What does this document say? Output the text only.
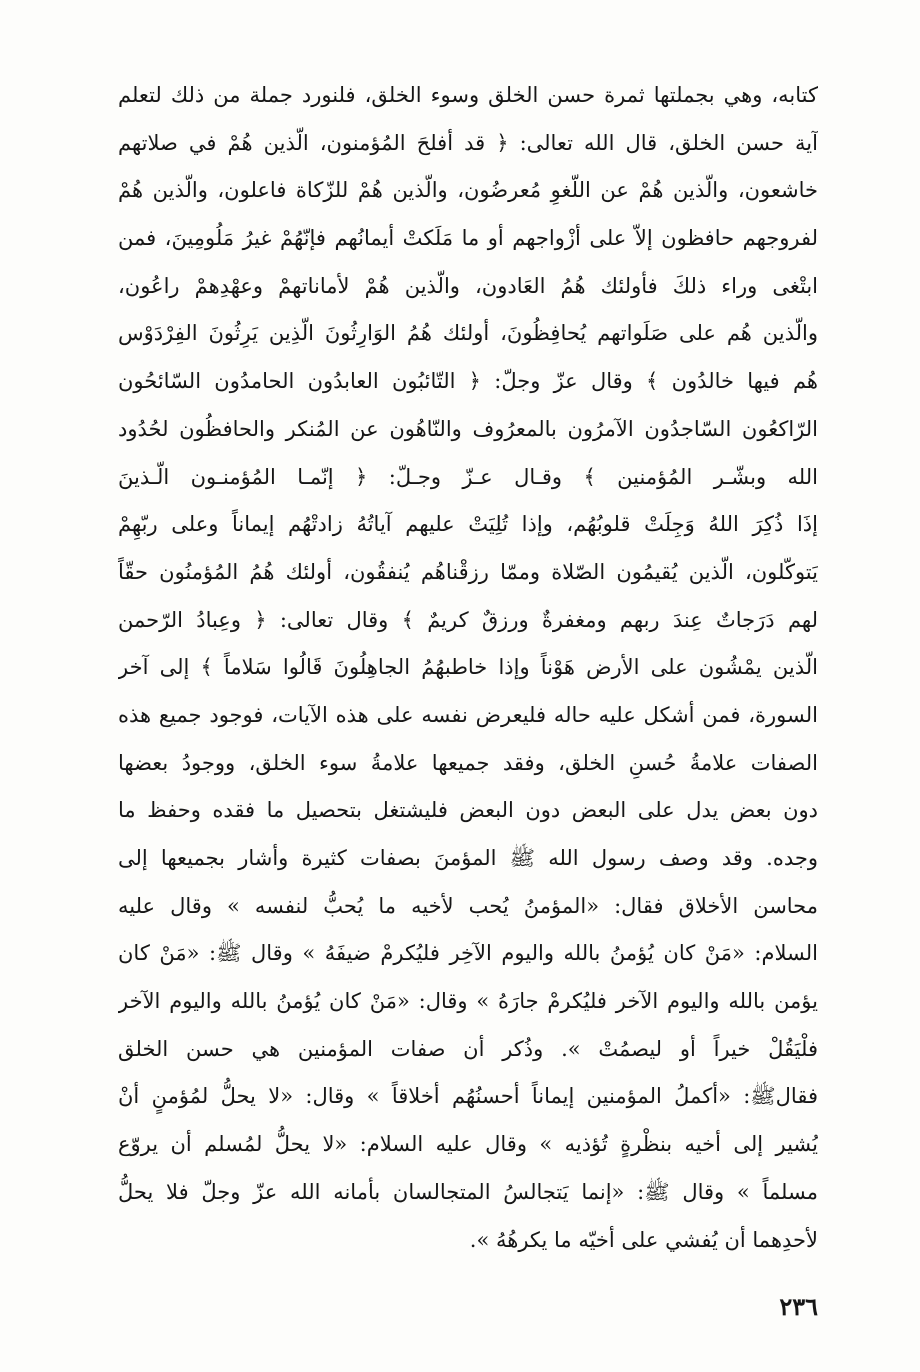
كتابه، وهي بجملتها ثمرة حسن الخلق وسوء الخلق، فلنورد جملة من ذلك لتعلم
آية حسن الخلق، قال الله تعالى: ﴿ قد أفلحَ المُؤمنون، الّذين هُمْ في صلاتهم
خاشعون، والّذين هُمْ عن اللّغوِ مُعرضُون، والّذين هُمْ للزّكاة فاعلون، والّذين هُمْ
لفروجهم حافظون إلاّ على أزْواجهم أو ما مَلَكتْ أيمانُهم فإنّهُمْ غيرُ مَلُومِينَ، فمن
ابتْغى وراء ذلكَ فأولئك هُمُ العَادون، والّذين هُمْ لأماناتهمْ وعهْدِهمْ راعُون،
والّذين هُم على صَلَواتهم يُحافِظُونَ، أولئك هُمُ الوَارِثُونَ الّذِين يَرِثُونَ الفِرْدَوْس
هُم فيها خالدُون ﴾ وقال عزّ وجلّ: ﴿ التّائبُون العابدُون الحامدُون السّائحُون
الرّاكعُون السّاجدُون الآمرُون بالمعرُوف والنّاهُون عن المُنكر والحافظُون لحُدُود
الله وبشّـر المُؤمنين ﴾ وقـال عـزّ وجـلّ: ﴿ إنّمـا المُؤمنـون الّـذينَ
إذَا ذُكِرَ اللهُ وَجِلَتْ قلوبُهُم، وإذا تُلِيَتْ عليهم آياتُهُ زادتْهُم إيماناً وعلى ربّهِمْ
يَتوكّلون، الّذين يُقيمُون الصّلاة وممّا رزقْناهُم يُنفقُون، أولئك هُمُ المُؤمنُون حقّاً
لهم دَرَجاتٌ عِندَ ربهم ومغفرةٌ ورزقٌ كريمٌ ﴾ وقال تعالى: ﴿ وعِبادُ الرّحمن
الّذين يمْشُون على الأرض هَوْناً وإذا خاطبهُمُ الجاهِلُونَ قَالُوا سَلاماً ﴾ إلى آخر
السورة، فمن أشكل عليه حاله فليعرض نفسه على هذه الآيات، فوجود جميع هذه
الصفات علامةُ حُسنِ الخلق، وفقد جميعها علامةُ سوء الخلق، ووجودُ بعضها
دون بعض يدل على البعض دون البعض فليشتغل بتحصيل ما فقده وحفظ ما
وجده. وقد وصف رسول الله ﷺ المؤمنَ بصفات كثيرة وأشار بجميعها إلى
محاسن الأخلاق فقال: «المؤمنُ يُحب لأخيه ما يُحبُّ لنفسه » وقال عليه
السلام: «مَنْ كان يُؤمنُ بالله واليوم الآخِر فليُكرمْ ضيفَهُ » وقال ﷺ: «مَنْ كان
يؤمن بالله واليوم الآخر فليُكرمْ جارَهُ » وقال: «مَنْ كان يُؤمنُ بالله واليوم الآخر
فلْيَقُلْ خيراً أو ليصمُتْ ». وذُكر أن صفات المؤمنين هي حسن الخلق
فقالﷺ: «أكملُ المؤمنين إيماناً أحسنُهُم أخلاقاً » وقال: «لا يحلُّ لمُؤمنٍ أنْ
يُشير إلى أخيه بنظْرةٍ تُؤذيه » وقال عليه السلام: «لا يحلُّ لمُسلم أن يروّع
مسلماً » وقال ﷺ: «إنما يَتجالسُ المتجالسان بأمانه الله عزّ وجلّ فلا يحلُّ
لأحدِهما أن يُفشي على أخيّه ما يكرهُهُ ».
٢٣٦
